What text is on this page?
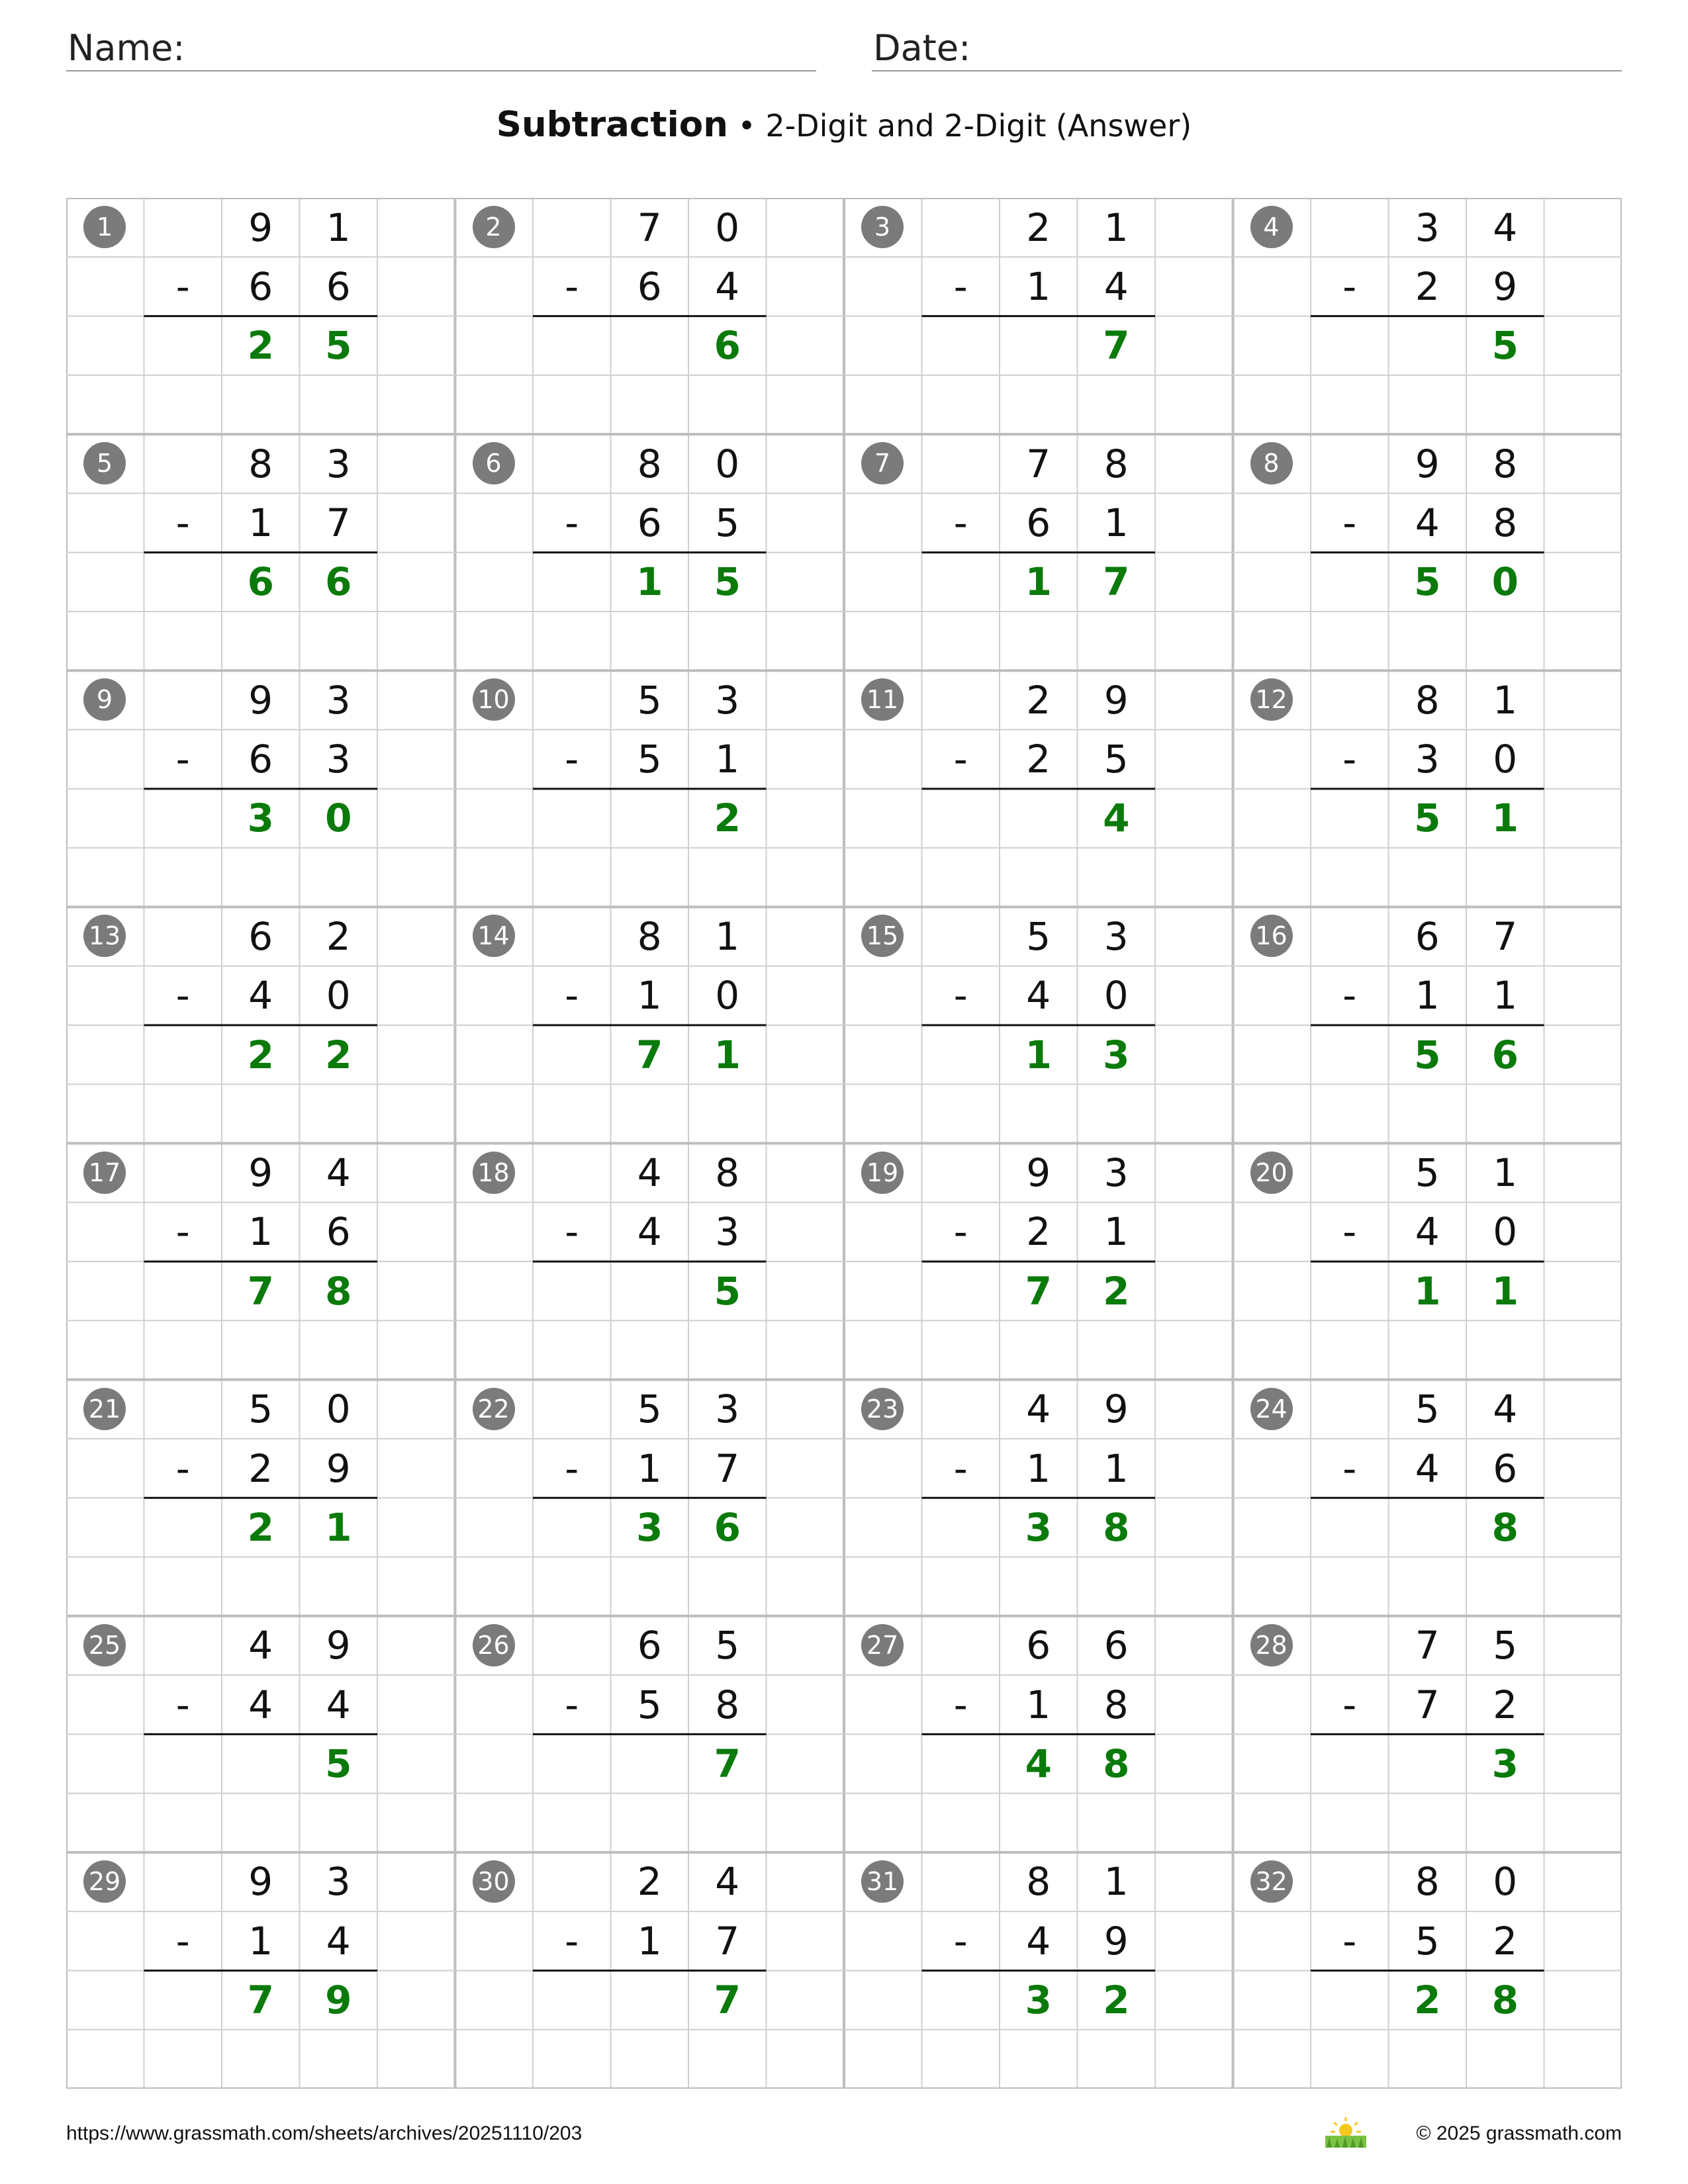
Name:	Date:
Subtraction • 2-Digit and 2-Digit (Answer)
1	9	1
-	6	6
2	5
2	7	0
-	6	4
6
3	2	1
-	1	4
7
4	3	4
-	2	9
5
5	8	3
-	1	7
6	6
6	8	0
-	6	5
1	5
7	7	8
-	6	1
1	7
8	9	8
-	4	8
5	0
9	9	3
-	6	3
3	0
10	5	3
-	5	1
2
11	2	9
-	2	5
4
12	8	1
-	3	0
5	1
13	6	2
-	4	0
2	2
14	8	1
-	1	0
7	1
15	5	3
-	4	0
1	3
16	6	7
-	1	1
5	6
17	9	4
-	1	6
7	8
18	4	8
-	4	3
5
19	9	3
-	2	1
7	2
20	5	1
-	4	0
1	1
21	5	0
-	2	9
2	1
22	5	3
-	1	7
3	6
23	4	9
-	1	1
3	8
24	5	4
-	4	6
8
25	4	9
-	4	4
5
26	6	5
-	5	8
7
27	6	6
-	1	8
4	8
28	7	5
-	7	2
3
29	9	3
-	1	4
7	9
30	2	4
-	1	7
7
31	8	1
-	4	9
3	2
32	8	0
-	5	2
2	8
https://www.grassmath.com/sheets/archives/20251110/203	© 2025 grassmath.com
